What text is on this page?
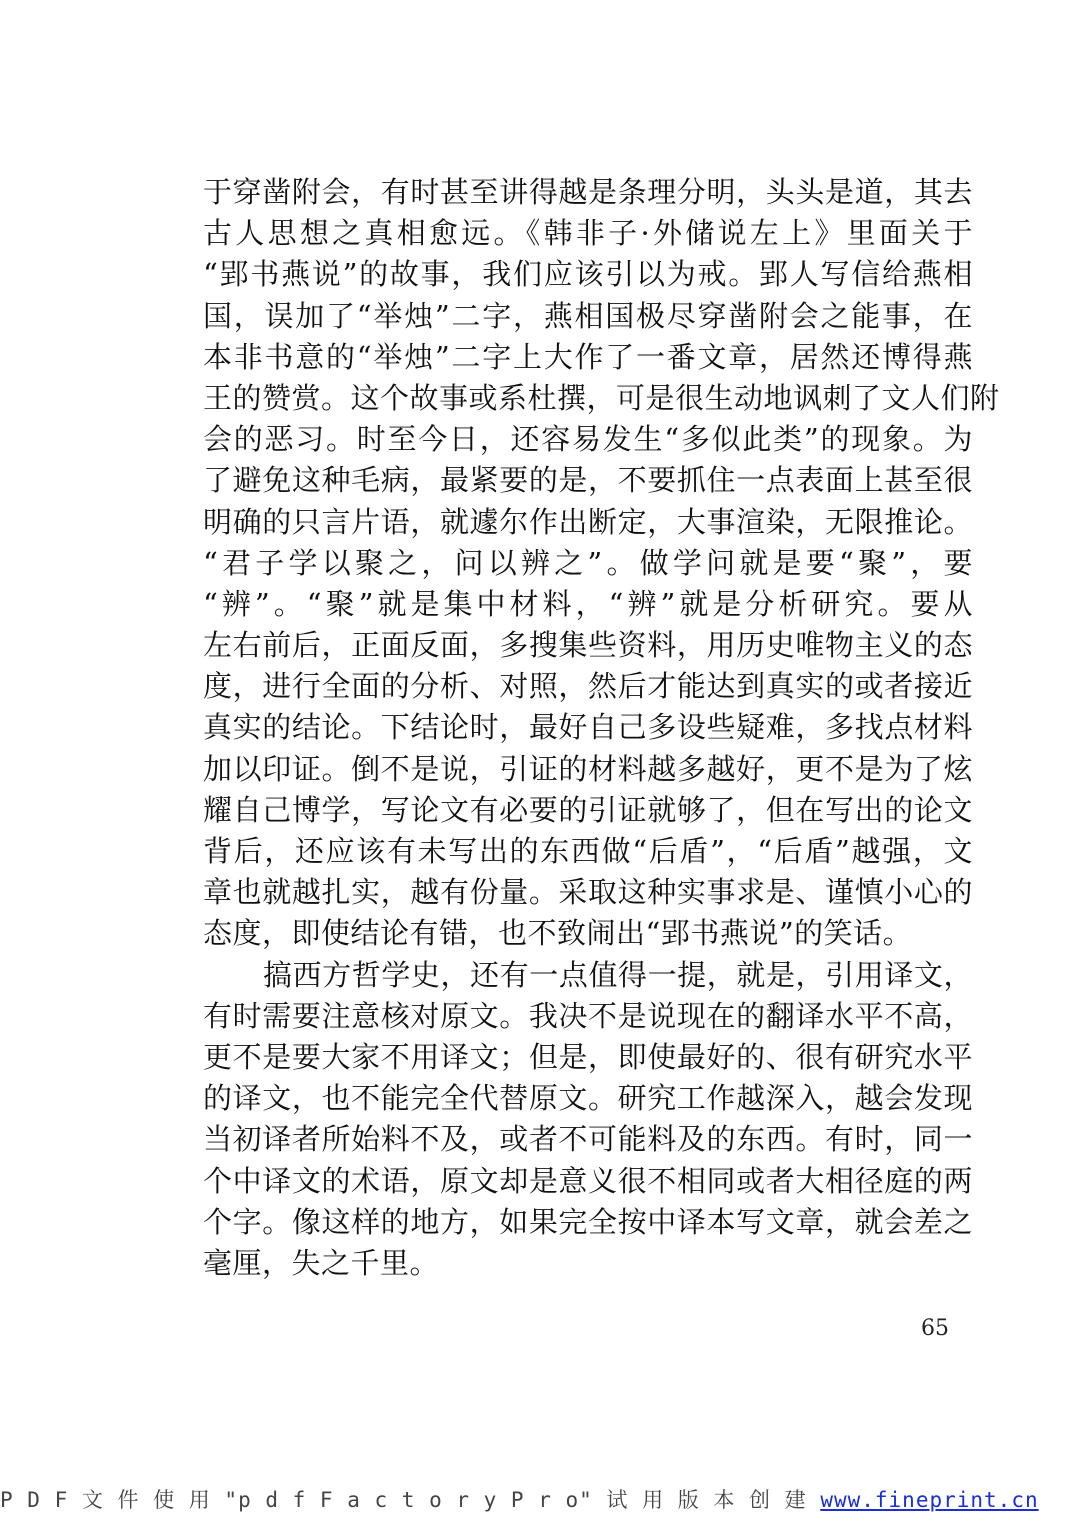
于穿凿附会，有时甚至讲得越是条理分明，头头是道，其去
古人思想之真相愈远。《韩非子·外储说左上》里面关于
“郢书燕说”的故事，我们应该引以为戒。郢人写信给燕相
国，误加了“举烛”二字，燕相国极尽穿凿附会之能事，在
本非书意的“举烛”二字上大作了一番文章，居然还博得燕
王的赞赏。这个故事或系杜撰，可是很生动地讽刺了文人们附
会的恶习。时至今日，还容易发生“多似此类”的现象。为
了避免这种毛病，最紧要的是，不要抓住一点表面上甚至很
明确的只言片语，就遽尔作出断定，大事渲染，无限推论。
“君子学以聚之，问以辨之”。做学问就是要“聚”，要
“辨”。“聚”就是集中材料，“辨”就是分析研究。要从
左右前后，正面反面，多搜集些资料，用历史唯物主义的态
度，进行全面的分析、对照，然后才能达到真实的或者接近
真实的结论。下结论时，最好自己多设些疑难，多找点材料
加以印证。倒不是说，引证的材料越多越好，更不是为了炫
耀自己博学，写论文有必要的引证就够了，但在写出的论文
背后，还应该有未写出的东西做“后盾”，“后盾”越强，文
章也就越扎实，越有份量。采取这种实事求是、谨慎小心的
态度，即使结论有错，也不致闹出“郢书燕说”的笑话。
搞西方哲学史，还有一点值得一提，就是，引用译文，
有时需要注意核对原文。我决不是说现在的翻译水平不高，
更不是要大家不用译文；但是，即使最好的、很有研究水平
的译文，也不能完全代替原文。研究工作越深入，越会发现
当初译者所始料不及，或者不可能料及的东西。有时，同一
个中译文的术语，原文却是意义很不相同或者大相径庭的两
个字。像这样的地方，如果完全按中译本写文章，就会差之
毫厘，失之千里。
65
P D F 文 件 使 用 "p d f F a c t o r y P r o" 试 用 版 本 创 建 www.fineprint.cn
